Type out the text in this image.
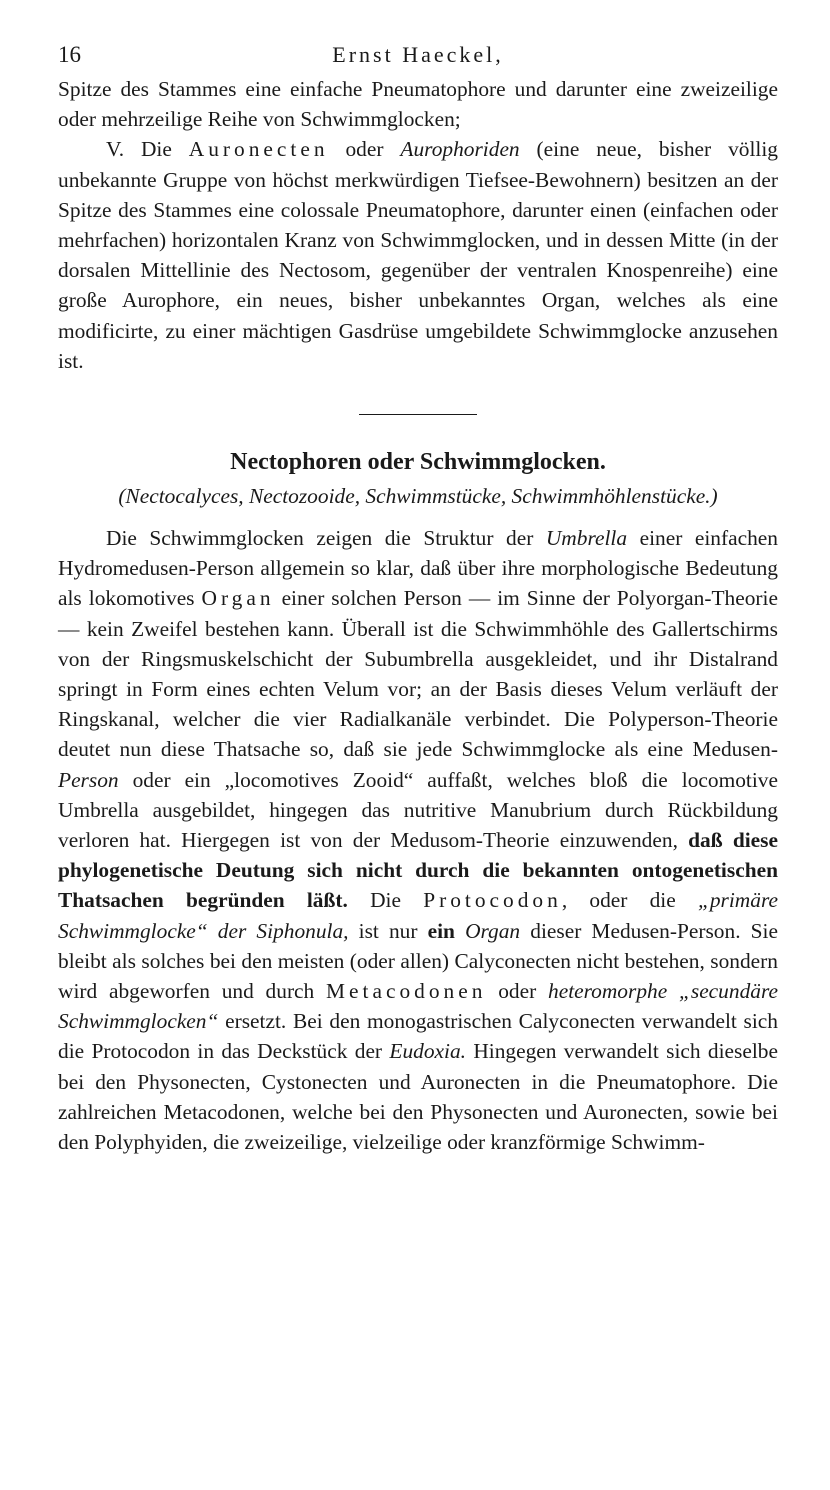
16	Ernst Haeckel,

Spitze des Stammes eine einfache Pneumatophore und darunter eine zweizeilige oder mehrzeilige Reihe von Schwimmglocken;

V. Die Auronecten oder Aurophoriden (eine neue, bisher völlig unbekannte Gruppe von höchst merkwürdigen Tiefsee-Bewohnern) besitzen an der Spitze des Stammes eine colossale Pneumatophore, darunter einen (einfachen oder mehrfachen) horizontalen Kranz von Schwimmglocken, und in dessen Mitte (in der dorsalen Mittellinie des Nectosom, gegenüber der ventralen Knospenreihe) eine große Aurophore, ein neues, bisher unbekanntes Organ, welches als eine modificirte, zu einer mächtigen Gasdrüse umgebildete Schwimmglocke anzusehen ist.

Nectophoren oder Schwimmglocken.
(Nectocalyces, Nectozooide, Schwimmstücke, Schwimmhöhlenstücke.)

Die Schwimmglocken zeigen die Struktur der Umbrella einer einfachen Hydromedusen-Person allgemein so klar, daß über ihre morphologische Bedeutung als lokomotives Organ einer solchen Person — im Sinne der Polyorgan-Theorie — kein Zweifel bestehen kann. Überall ist die Schwimmhöhle des Gallertschirms von der Ringsmuskelschicht der Subumbrella ausgekleidet, und ihr Distalrand springt in Form eines echten Velum vor; an der Basis dieses Velum verläuft der Ringskanal, welcher die vier Radialkanäle verbindet. Die Polyperson-Theorie deutet nun diese Thatsache so, daß sie jede Schwimmglocke als eine Medusen-Person oder ein „locomotives Zooid“ auffaßt, welches bloß die locomotive Umbrella ausgebildet, hingegen das nutritive Manubrium durch Rückbildung verloren hat. Hiergegen ist von der Medusom-Theorie einzuwenden, daß diese phylogenetische Deutung sich nicht durch die bekannten ontogenetischen Thatsachen begründen läßt. Die Protocodon, oder die „primäre Schwimmglocke“ der Siphonula, ist nur ein Organ dieser Medusen-Person. Sie bleibt als solches bei den meisten (oder allen) Calyconecten nicht bestehen, sondern wird abgeworfen und durch Metacodonen oder heteromorphe „secundäre Schwimmglocken“ ersetzt. Bei den monogastrischen Calyconecten verwandelt sich die Protocodon in das Deckstück der Eudoxia. Hingegen verwandelt sich dieselbe bei den Physonecten, Cystonecten und Auronecten in die Pneumatophore. Die zahlreichen Metacodonen, welche bei den Physonecten und Auronecten, sowie bei den Polyphyiden, die zweizeilige, vielzeilige oder kranzförmige Schwimm-
